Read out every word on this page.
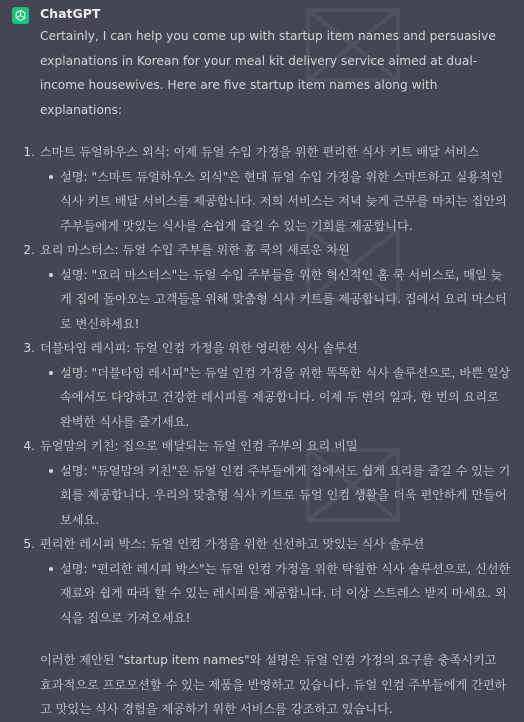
ChatGPT

Certainly, I can help you come up with startup item names and persuasive explanations in Korean for your meal kit delivery service aimed at dual-income housewives. Here are five startup item names along with explanations:

1. 스마트 듀얼하우스 외식: 이제 듀얼 수입 가정을 위한 편리한 식사 키트 배달 서비스
설명: "스마트 듀얼하우스 외식"은 현대 듀얼 수입 가정을 위한 스마트하고 실용적인 식사 키트 배달 서비스를 제공합니다. 저희 서비스는 저녁 늦게 근무를 마치는 집안의 주부들에게 맛있는 식사를 손쉽게 즐길 수 있는 기회를 제공합니다.
2. 요리 마스터스: 듀얼 수입 주부를 위한 홈 쿡의 새로운 차원
설명: "요리 마스터스"는 듀얼 수입 주부들을 위한 혁신적인 홈 쿡 서비스로, 매일 늦게 집에 돌아오는 고객들을 위해 맞춤형 식사 키트를 제공합니다. 집에서 요리 마스터로 변신하세요!
3. 더블타임 레시피: 듀얼 인컴 가정을 위한 영리한 식사 솔루션
설명: "더블타임 레시피"는 듀얼 인컴 가정을 위한 똑똑한 식사 솔루션으로, 바쁜 일상속에서도 다양하고 건강한 레시피를 제공합니다. 이제 두 번의 일과, 한 번의 요리로 완벽한 식사를 즐기세요.
4. 듀얼맘의 키친: 집으로 배달되는 듀얼 인컴 주부의 요리 비밀
설명: "듀얼맘의 키친"은 듀얼 인컴 주부들에게 집에서도 쉽게 요리를 즐길 수 있는 기회를 제공합니다. 우리의 맞춤형 식사 키트로 듀얼 인컴 생활을 더욱 편안하게 만들어 보세요.
5. 편리한 레시피 박스: 듀얼 인컴 가정을 위한 신선하고 맛있는 식사 솔루션
설명: "편리한 레시피 박스"는 듀얼 인컴 가정을 위한 탁월한 식사 솔루션으로, 신선한 재료와 쉽게 따라 할 수 있는 레시피를 제공합니다. 더 이상 스트레스 받지 마세요. 외식을 집으로 가져오세요!

이러한 제안된 "startup item names"와 설명은 듀얼 인컴 가정의 요구를 충족시키고 효과적으로 프로모션할 수 있는 제품을 반영하고 있습니다. 듀얼 인컴 주부들에게 간편하고 맛있는 식사 경험을 제공하기 위한 서비스를 강조하고 있습니다.
